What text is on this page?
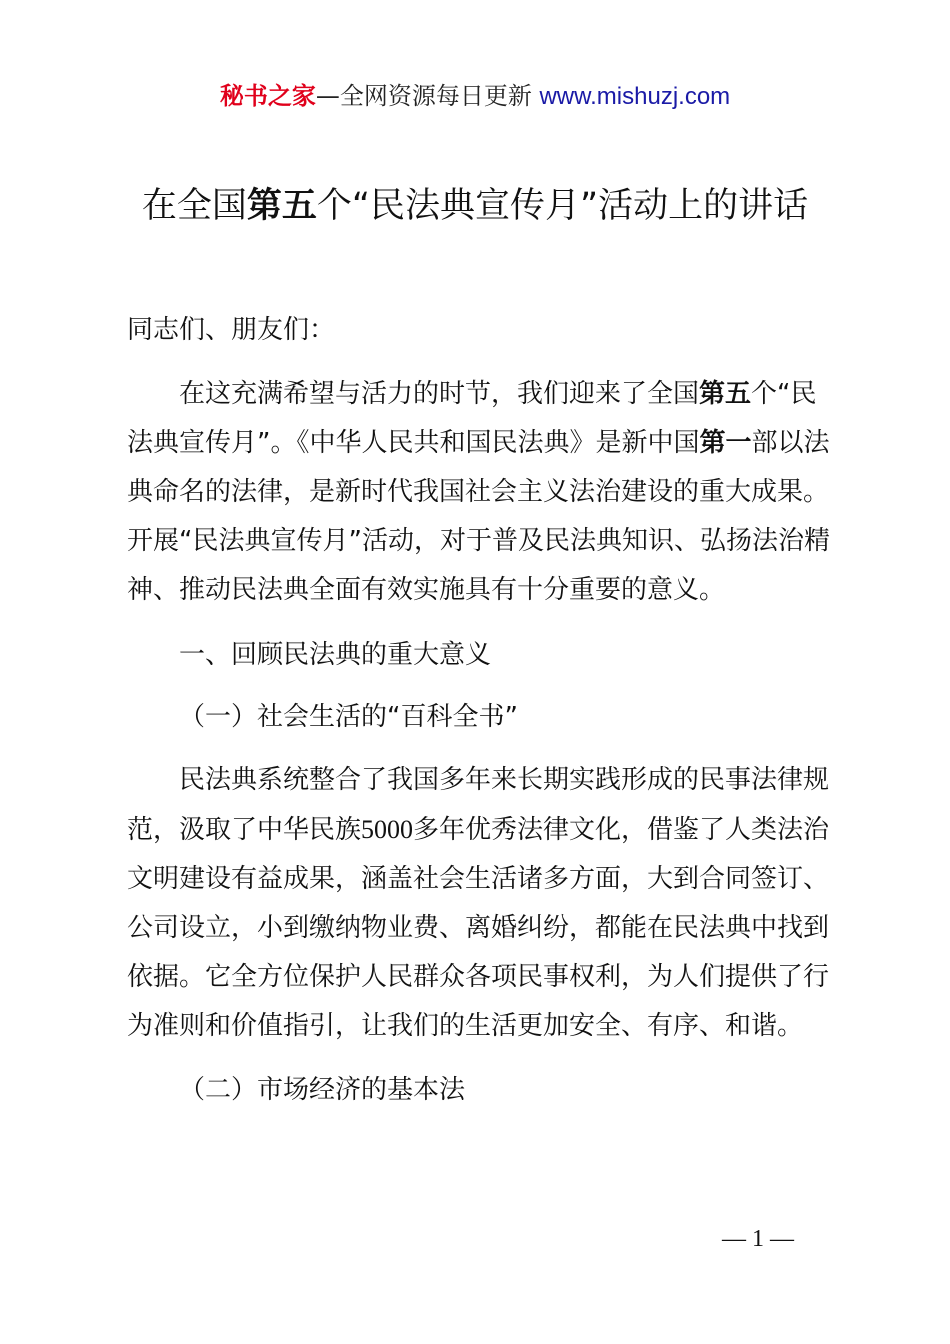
秘书之家—全网资源每日更新 www.mishuzj.com
在全国第五个“民法典宣传月”活动上的讲话

同志们、朋友们：

在这充满希望与活力的时节，我们迎来了全国第五个“民法典宣传月”。《中华人民共和国民法典》是新中国第一部以法典命名的法律，是新时代我国社会主义法治建设的重大成果。开展“民法典宣传月”活动，对于普及民法典知识、弘扬法治精神、推动民法典全面有效实施具有十分重要的意义。

一、回顾民法典的重大意义

（一）社会生活的“百科全书”

民法典系统整合了我国多年来长期实践形成的民事法律规范，汲取了中华民族5000多年优秀法律文化，借鉴了人类法治文明建设有益成果，涵盖社会生活诸多方面，大到合同签订、公司设立，小到缴纳物业费、离婚纠纷，都能在民法典中找到依据。它全方位保护人民群众各项民事权利，为人们提供了行为准则和价值指引，让我们的生活更加安全、有序、和谐。

（二）市场经济的基本法

— 1 —
